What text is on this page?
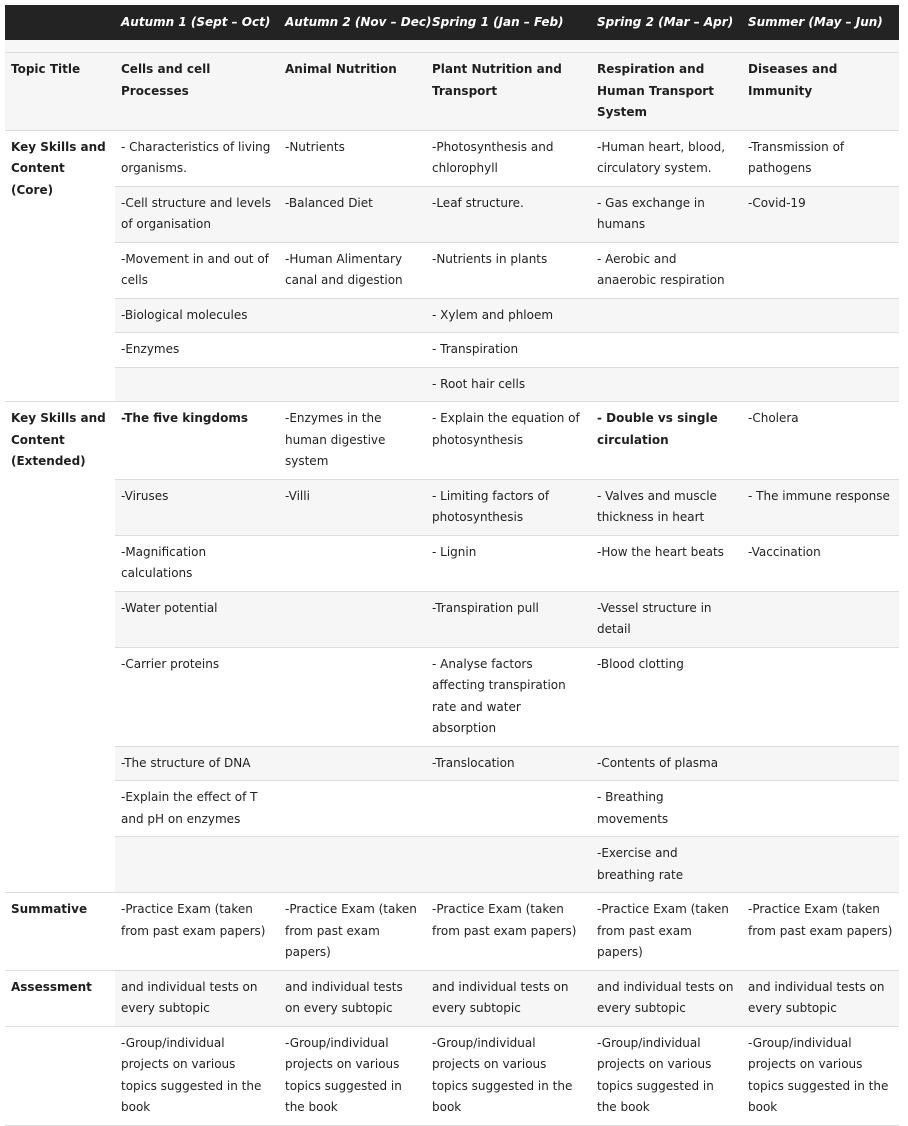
	Autumn 1 (Sept – Oct)	Autumn 2 (Nov – Dec)	Spring 1 (Jan – Feb)	Spring 2 (Mar – Apr)	Summer (May – Jun)

Topic Title	Cells and cell Processes	Animal Nutrition	Plant Nutrition and Transport	Respiration and Human Transport System	Diseases and Immunity
Key Skills and Content (Core)	- Characteristics of living organisms.	-Nutrients	-Photosynthesis and chlorophyll	-Human heart, blood, circulatory system.	-Transmission of pathogens
	-Cell structure and levels of organisation	-Balanced Diet	-Leaf structure.	- Gas exchange in humans	-Covid-19
	-Movement in and out of cells	-Human Alimentary canal and digestion	-Nutrients in plants	- Aerobic and anaerobic respiration	
	-Biological molecules		- Xylem and phloem		
	-Enzymes		- Transpiration		
			- Root hair cells		
Key Skills and Content (Extended)	-The five kingdoms	-Enzymes in the human digestive system	- Explain the equation of photosynthesis	- Double vs single circulation	-Cholera
	-Viruses	-Villi	- Limiting factors of photosynthesis	- Valves and muscle thickness in heart	- The immune response
	-Magnification calculations		- Lignin	-How the heart beats	-Vaccination
	-Water potential		-Transpiration pull	-Vessel structure in detail	
	-Carrier proteins		- Analyse factors affecting transpiration rate and water absorption	-Blood clotting	
	-The structure of DNA		-Translocation	-Contents of plasma	
	-Explain the effect of T and pH on enzymes			- Breathing movements	
				-Exercise and breathing rate	
Summative	-Practice Exam (taken from past exam papers)	-Practice Exam (taken from past exam papers)	-Practice Exam (taken from past exam papers)	-Practice Exam (taken from past exam papers)	-Practice Exam (taken from past exam papers)
Assessment	and individual tests on every subtopic	and individual tests on every subtopic	and individual tests on every subtopic	and individual tests on every subtopic	and individual tests on every subtopic
	-Group/individual projects on various topics suggested in the book	-Group/individual projects on various topics suggested in the book	-Group/individual projects on various topics suggested in the book	-Group/individual projects on various topics suggested in the book	-Group/individual projects on various topics suggested in the book
